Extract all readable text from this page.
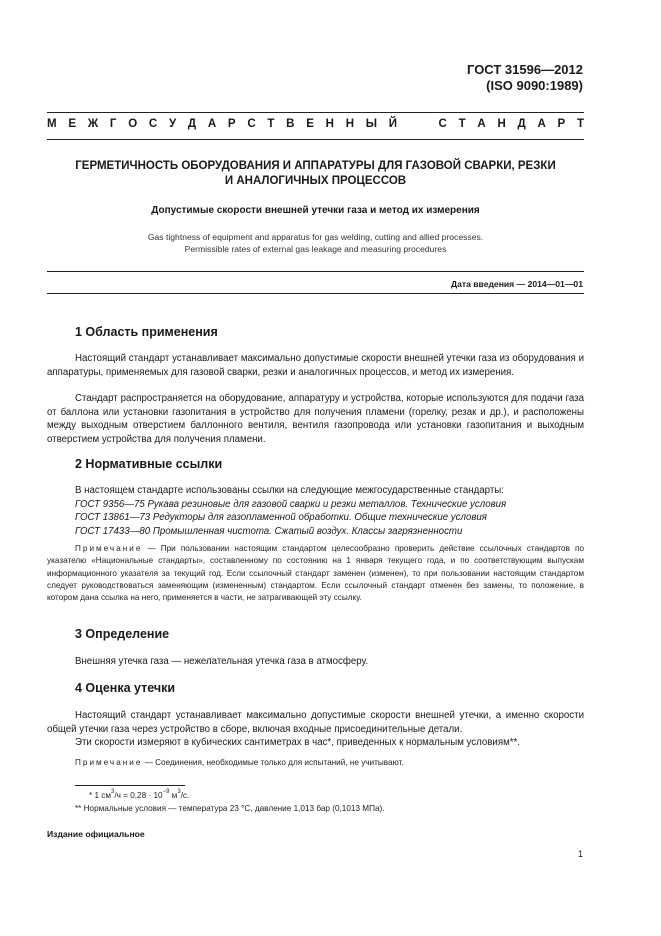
ГОСТ 31596—2012
(ISO 9090:1989)
М Е Ж Г О С У Д А Р С Т В Е Н Н Ы Й	С Т А Н Д А Р Т
ГЕРМЕТИЧНОСТЬ ОБОРУДОВАНИЯ И АППАРАТУРЫ ДЛЯ ГАЗОВОЙ СВАРКИ, РЕЗКИ
И АНАЛОГИЧНЫХ ПРОЦЕССОВ
Допустимые скорости внешней утечки газа и метод их измерения
Gas tightness of equipment and apparatus for gas welding, cutting and allied processes.
Permissible rates of external gas leakage and measuring procedures
Дата введения — 2014—01—01
1 Область применения
Настоящий стандарт устанавливает максимально допустимые скорости внешней утечки газа из оборудования и аппаратуры, применяемых для газовой сварки, резки и аналогичных процессов, и метод их измерения.
Стандарт распространяется на оборудование, аппаратуру и устройства, которые используются для подачи газа от баллона или установки газопитания в устройство для получения пламени (горелку, резак и др.), и расположены между выходным отверстием баллонного вентиля, вентиля газопровода или установки газопитания и выходным отверстием устройства для получения пламени.
2 Нормативные ссылки
В настоящем стандарте использованы ссылки на следующие межгосударственные стандарты:
ГОСТ 9356—75 Рукава резиновые для газовой сварки и резки металлов. Технические условия
ГОСТ 13861—73 Редукторы для газопламенной обработки. Общие технические условия
ГОСТ 17433—80 Промышленная чистота. Сжатый воздух. Классы загрязненности
Примечание — При пользовании настоящим стандартом целесообразно проверить действие ссылочных стандартов по указателю «Национальные стандарты», составленному по состоянию на 1 января текущего года, и по соответствующим выпускам информационного указателя за текущий год. Если ссылочный стандарт заменен (изменен), то при пользовании настоящим стандартом следует руководствоваться заменяющим (измененным) стандартом. Если ссылочный стандарт отменен без замены, то положение, в котором дана ссылка на него, применяется в части, не затрагивающей эту ссылку.
3 Определение
Внешняя утечка газа — нежелательная утечка газа в атмосферу.
4 Оценка утечки
Настоящий стандарт устанавливает максимально допустимые скорости внешней утечки, а именно скорости общей утечки газа через устройство в сборе, включая входные присоединительные детали.
Эти скорости измеряют в кубических сантиметрах в час*, приведенных к нормальным условиям**.
Примечание — Соединения, необходимые только для испытаний, не учитывают.
* 1 $см^3/ч = 0,28 \cdot 10^{-9}$ $м^3/с$.
** Нормальные условия — температура 23 °С, давление 1,013 бар (0,1013 МПа).
Издание официальное
1
